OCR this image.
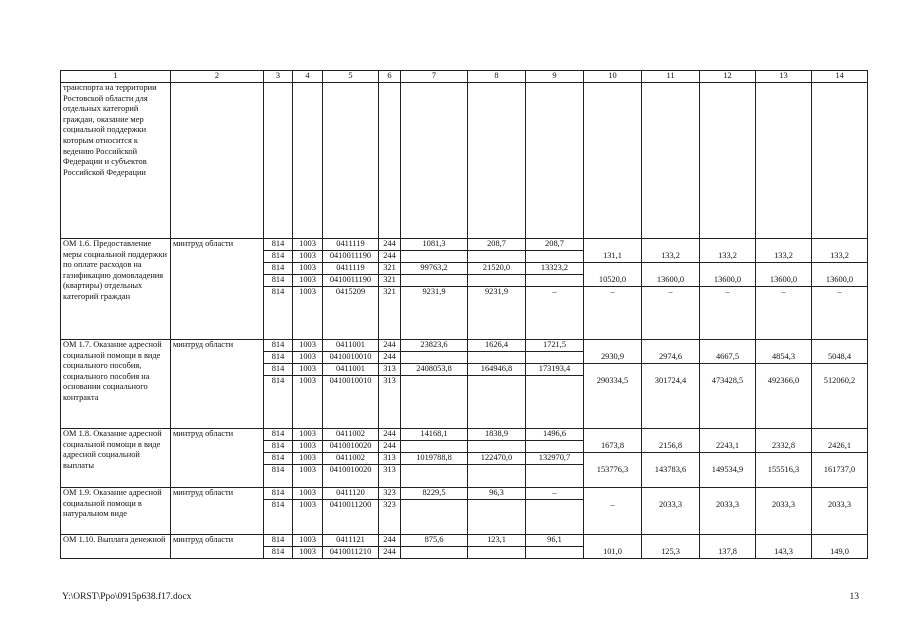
1	2	3	4	5	6	7	8	9	10	11	12	13	14
транспорта на территории Ростовской области для отдельных категорий граждан, оказание мер социальной поддержки которым относится к ведению Российской Федерации и субъектов Российской Федерации													
ОМ 1.6. Предоставление меры социальной поддержки по оплате расходов на газификацию домовладения (квартиры) отдельных категорий граждан	минтруд области	814	1003	0411119	244	1081,3	208,7	208,7					
		814	1003	0410011190	244				131,1	133,2	133,2	133,2	133,2
		814	1003	0411119	321	99763,2	21520,0	13323,2					
		814	1003	0410011190	321				10520,0	13600,0	13600,0	13600,0	13600,0
		814	1003	0415209	321	9231,9	9231,9	–	–	–	–	–	–
ОМ 1.7. Оказание адресной социальной помощи в виде социального пособия, социального пособия на основании социального контракта	минтруд области	814	1003	0411001	244	23823,6	1626,4	1721,5					
		814	1003	0410010010	244				2930,9	2974,6	4667,5	4854,3	5048,4
		814	1003	0411001	313	2408053,8	164946,8	173193,4					
		814	1003	0410010010	313				290334,5	301724,4	473428,5	492366,0	512060,2
ОМ 1.8. Оказание адресной социальной помощи в виде адресной социальной выплаты	минтруд области	814	1003	0411002	244	14168,1	1838,9	1496,6					
		814	1003	0410010020	244				1673,8	2156,8	2243,1	2332,8	2426,1
		814	1003	0411002	313	1019788,8	122470,0	132970,7					
		814	1003	0410010020	313				153776,3	143783,6	149534,9	155516,3	161737,0
ОМ 1.9. Оказание адресной социальной помощи в натуральном виде	минтруд области	814	1003	0411120	323	8229,5	96,3	–					
		814	1003	0410011200	323				–	2033,3	2033,3	2033,3	2033,3
ОМ 1.10. Выплата денежной	минтруд области	814	1003	0411121	244	875,6	123,1	96,1					
		814	1003	0410011210	244				101,0	125,3	137,8	143,3	149,0
Y:\ORST\Ppo\0915p638.f17.docx	13
